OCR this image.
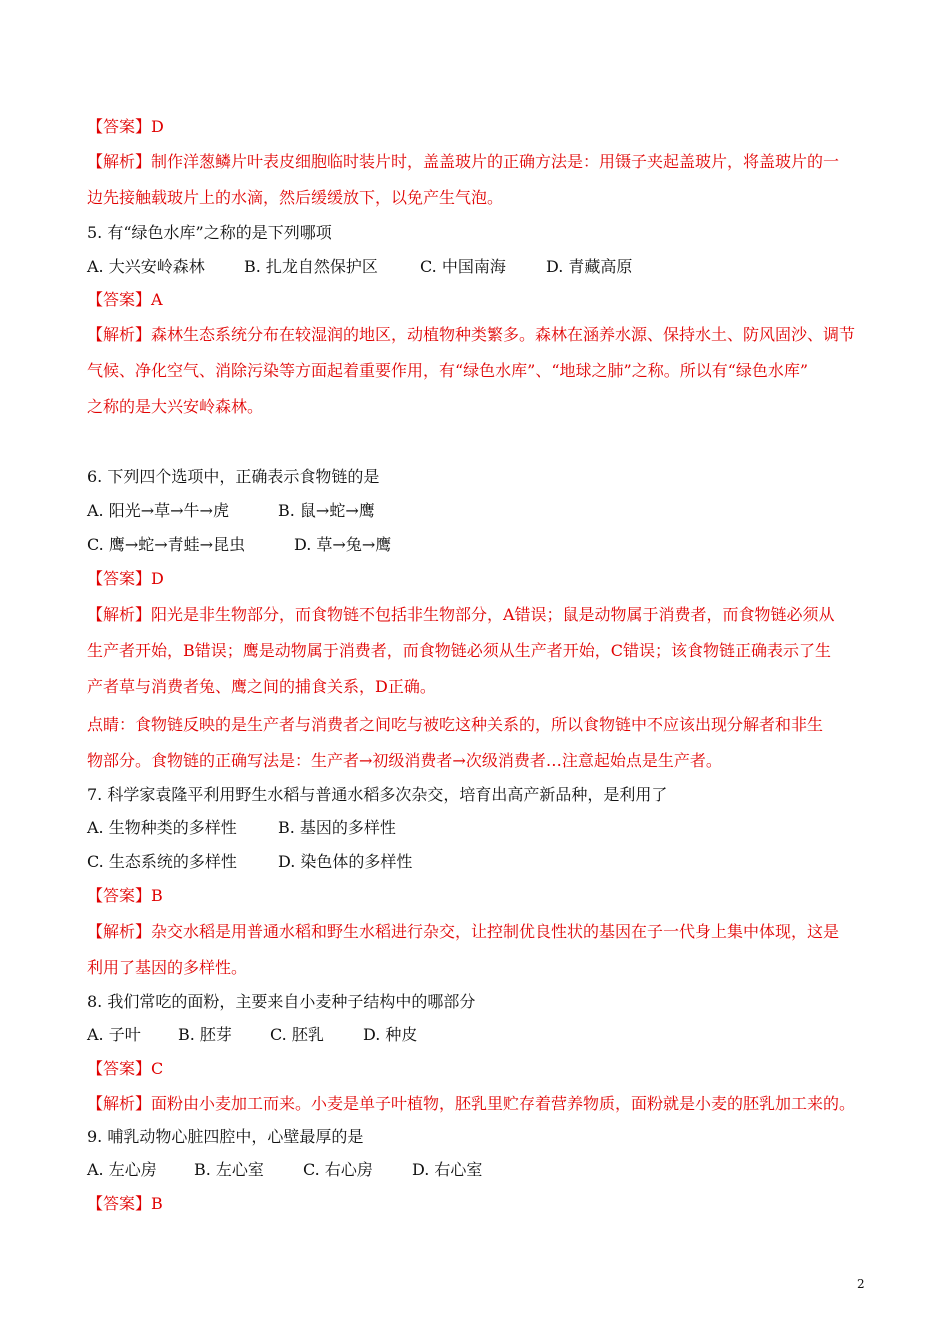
【答案】D
【解析】制作洋葱鳞片叶表皮细胞临时装片时，盖盖玻片的正确方法是：用镊子夹起盖玻片，将盖玻片的一
边先接触载玻片上的水滴，然后缓缓放下，以免产生气泡。
5. 有“绿色水库”之称的是下列哪项
A. 大兴安岭森林 B. 扎龙自然保护区	C. 中国南海	D. 青藏高原
【答案】A
【解析】森林生态系统分布在较湿润的地区，动植物种类繁多。森林在涵养水源、保持水土、防风固沙、调节
气候、净化空气、消除污染等方面起着重要作用，有“绿色水库”、“地球之肺”之称。所以有“绿色水库”
之称的是大兴安岭森林。
6. 下列四个选项中，正确表示食物链的是
A. 阳光→草→牛→虎	B. 鼠→蛇→鹰
C. 鹰→蛇→青蛙→昆虫	D. 草→兔→鹰
【答案】D
【解析】阳光是非生物部分，而食物链不包括非生物部分，A错误；鼠是动物属于消费者，而食物链必须从
生产者开始，B错误；鹰是动物属于消费者，而食物链必须从生产者开始，C错误；该食物链正确表示了生
产者草与消费者兔、鹰之间的捕食关系，D正确。
点睛：食物链反映的是生产者与消费者之间吃与被吃这种关系的，所以食物链中不应该出现分解者和非生
物部分。食物链的正确写法是：生产者→初级消费者→次级消费者…注意起始点是生产者。
7. 科学家袁隆平利用野生水稻与普通水稻多次杂交，培育出高产新品种，是利用了
A. 生物种类的多样性	B. 基因的多样性
C. 生态系统的多样性	D. 染色体的多样性
【答案】B
【解析】杂交水稻是用普通水稻和野生水稻进行杂交，让控制优良性状的基因在子一代身上集中体现，这是
利用了基因的多样性。
8. 我们常吃的面粉，主要来自小麦种子结构中的哪部分
A. 子叶 B. 胚芽 C. 胚乳 D. 种皮
【答案】C
【解析】面粉由小麦加工而来。小麦是单子叶植物，胚乳里贮存着营养物质，面粉就是小麦的胚乳加工来的。
9. 哺乳动物心脏四腔中，心壁最厚的是
A. 左心房 B. 左心室 C. 右心房 D. 右心室
【答案】B
2
